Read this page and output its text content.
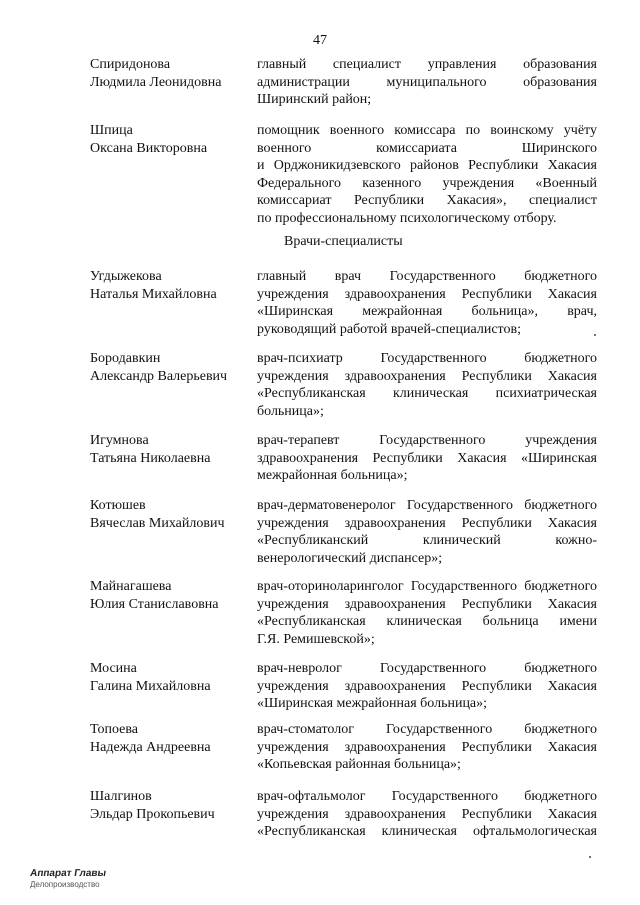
47
Врачи-специалисты
Спиридонова
Людмила Леонидовна
главный специалист управления образования
администрации муниципального образования
Ширинский район;
Шпица
Оксана Викторовна
помощник военного комиссара по воинскому учёту
военного комиссариата Ширинского
и Орджоникидзевского районов Республики Хакасия
Федерального казенного учреждения «Военный
комиссариат Республики Хакасия», специалист
по профессиональному психологическому отбору.
Угдыжекова
Наталья Михайловна
главный врач Государственного бюджетного
учреждения здравоохранения Республики Хакасия
«Ширинская межрайонная больница», врач,
руководящий работой врачей-специалистов;
Бородавкин
Александр Валерьевич
врач-психиатр Государственного бюджетного
учреждения здравоохранения Республики Хакасия
«Республиканская клиническая психиатрическая
больница»;
Игумнова
Татьяна Николаевна
врач-терапевт Государственного учреждения
здравоохранения Республики Хакасия «Ширинская
межрайонная больница»;
Котюшев
Вячеслав Михайлович
врач-дерматовенеролог Государственного бюджетного
учреждения здравоохранения Республики Хакасия
«Республиканский клинический кожно-
венерологический диспансер»;
Майнагашева
Юлия Станиславовна
врач-оториноларинголог Государственного бюджетного
учреждения здравоохранения Республики Хакасия
«Республиканская клиническая больница имени
Г.Я. Ремишевской»;
Мосина
Галина Михайловна
врач-невролог Государственного бюджетного
учреждения здравоохранения Республики Хакасия
«Ширинская межрайонная больница»;
Топоева
Надежда Андреевна
врач-стоматолог Государственного бюджетного
учреждения здравоохранения Республики Хакасия
«Копьевская районная больница»;
Шалгинов
Эльдар Прокопьевич
врач-офтальмолог Государственного бюджетного
учреждения здравоохранения Республики Хакасия
«Республиканская клиническая офтальмологическая
Аппарат Главы
Делопроизводство
